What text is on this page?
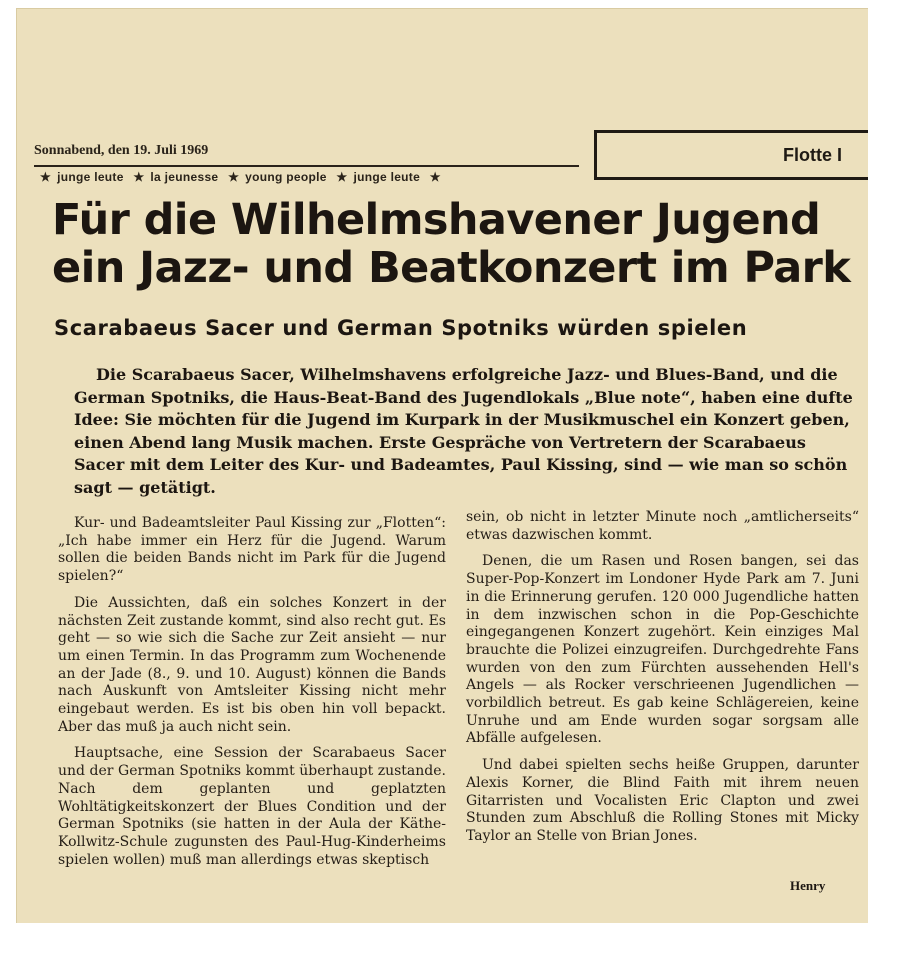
Sonnabend, den 19. Juli 1969
★ junge leute ★ la jeunesse ★ young people ★ junge leute ★
Flotte I
Für die Wilhelmshavener Jugend
ein Jazz- und Beatkonzert im Park
Scarabaeus Sacer und German Spotniks würden spielen

Die Scarabaeus Sacer, Wilhelmshavens erfolgreiche Jazz- und Blues-Band, und die German Spotniks, die Haus-Beat-Band des Jugendlokals „Blue note“, haben eine dufte Idee: Sie möchten für die Jugend im Kurpark in der Musikmuschel ein Konzert geben, einen Abend lang Musik machen. Erste Gespräche von Vertretern der Scarabaeus Sacer mit dem Leiter des Kur- und Badeamtes, Paul Kissing, sind — wie man so schön sagt — getätigt.

Kur- und Badeamtsleiter Paul Kissing zur „Flotten“: „Ich habe immer ein Herz für die Jugend. Warum sollen die beiden Bands nicht im Park für die Jugend spielen?“

Die Aussichten, daß ein solches Konzert in der nächsten Zeit zustande kommt, sind also recht gut. Es geht — so wie sich die Sache zur Zeit ansieht — nur um einen Termin. In das Programm zum Wochenende an der Jade (8., 9. und 10. August) können die Bands nach Auskunft von Amtsleiter Kissing nicht mehr eingebaut werden. Es ist bis oben hin voll bepackt. Aber das muß ja auch nicht sein.

Hauptsache, eine Session der Scarabaeus Sacer und der German Spotniks kommt überhaupt zustande. Nach dem geplanten und geplatzten Wohltätigkeitskonzert der Blues Condition und der German Spotniks (sie hatten in der Aula der Käthe-Kollwitz-Schule zugunsten des Paul-Hug-Kinderheims spielen wollen) muß man allerdings etwas skeptisch

sein, ob nicht in letzter Minute noch „amtlicherseits“ etwas dazwischen kommt.

Denen, die um Rasen und Rosen bangen, sei das Super-Pop-Konzert im Londoner Hyde Park am 7. Juni in die Erinnerung gerufen. 120 000 Jugendliche hatten in dem inzwischen schon in die Pop-Geschichte eingegangenen Konzert zugehört. Kein einziges Mal brauchte die Polizei einzugreifen. Durchgedrehte Fans wurden von den zum Fürchten aussehenden Hell's Angels — als Rocker verschrieenen Jugendlichen — vorbildlich betreut. Es gab keine Schlägereien, keine Unruhe und am Ende wurden sogar sorgsam alle Abfälle aufgelesen.

Und dabei spielten sechs heiße Gruppen, darunter Alexis Korner, die Blind Faith mit ihrem neuen Gitarristen und Vocalisten Eric Clapton und zwei Stunden zum Abschluß die Rolling Stones mit Micky Taylor an Stelle von Brian Jones.

Henry
